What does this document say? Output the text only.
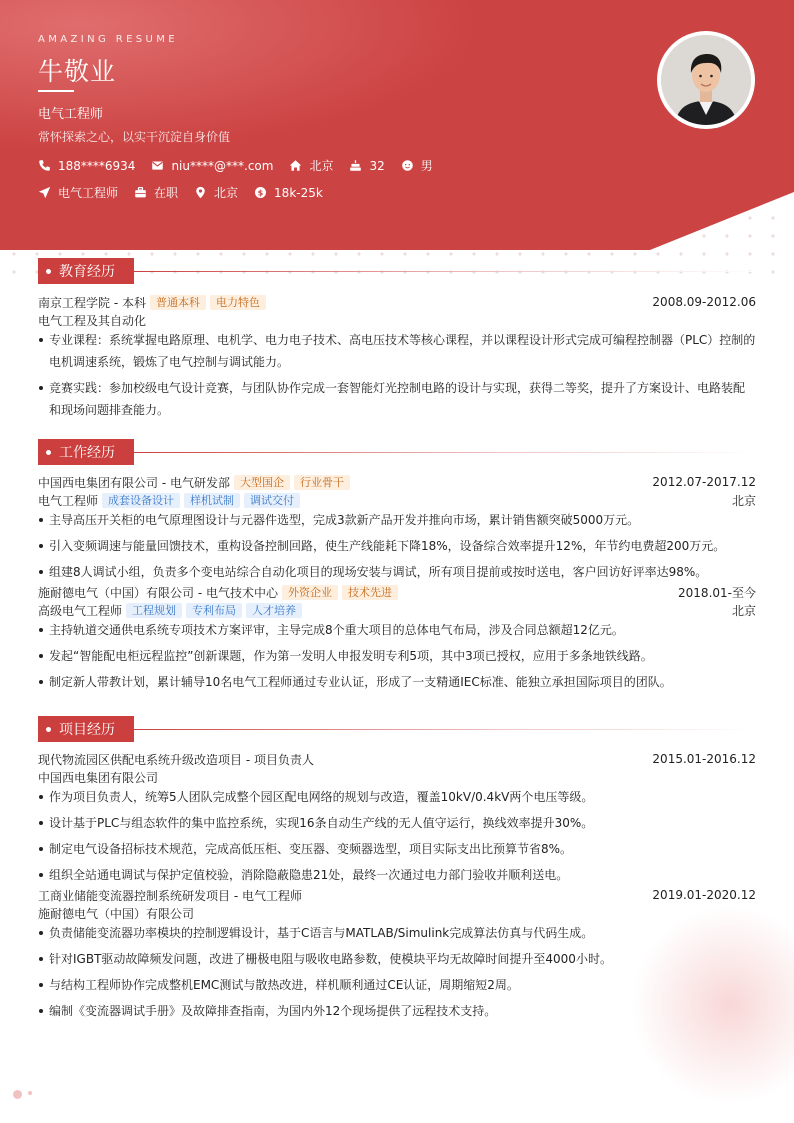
AMAZING RESUME
牛敬业
电气工程师
常怀探索之心，以实干沉淀自身价值
188****6934	niu****@***.com	北京	32	男
电气工程师	在职	北京 $ 18k-25k
教育经历
南京工程学院 - 本科 普通本科	电力特色	2008.09-2012.06
电气工程及其自动化
专业课程：系统掌握电路原理、电机学、电力电子技术、高电压技术等核心课程，并以课程设计形式完成可编程控制器（PLC）控制的电机调速系统，锻炼了电气控制与调试能力。
竞赛实践：参加校级电气设计竞赛，与团队协作完成一套智能灯光控制电路的设计与实现，获得二等奖，提升了方案设计、电路装配和现场问题排查能力。
工作经历
中国西电集团有限公司 - 电气研发部 大型国企	行业骨干	2012.07-2017.12
电气工程师 成套设备设计	样机试制	调试交付	北京
主导高压开关柜的电气原理图设计与元器件选型，完成3款新产品开发并推向市场，累计销售额突破5000万元。
引入变频调速与能量回馈技术，重构设备控制回路，使生产线能耗下降18%，设备综合效率提升12%，年节约电费超200万元。
组建8人调试小组，负责多个变电站综合自动化项目的现场安装与调试，所有项目提前或按时送电，客户回访好评率达98%。
施耐德电气（中国）有限公司 - 电气技术中心 外资企业	技术先进	2018.01-至今
高级电气工程师 工程规划	专利布局	人才培养	北京
主持轨道交通供电系统专项技术方案评审，主导完成8个重大项目的总体电气布局，涉及合同总额超12亿元。
发起“智能配电柜远程监控”创新课题，作为第一发明人申报发明专利5项，其中3项已授权，应用于多条地铁线路。
制定新人带教计划，累计辅导10名电气工程师通过专业认证，形成了一支精通IEC标准、能独立承担国际项目的团队。
项目经历
现代物流园区供配电系统升级改造项目 - 项目负责人	2015.01-2016.12
中国西电集团有限公司
作为项目负责人，统筹5人团队完成整个园区配电网络的规划与改造，覆盖10kV/0.4kV两个电压等级。
设计基于PLC与组态软件的集中监控系统，实现16条自动生产线的无人值守运行，换线效率提升30%。
制定电气设备招标技术规范，完成高低压柜、变压器、变频器选型，项目实际支出比预算节省8%。
组织全站通电调试与保护定值校验，消除隐蔽隐患21处，最终一次通过电力部门验收并顺利送电。
工商业储能变流器控制系统研发项目 - 电气工程师	2019.01-2020.12
施耐德电气（中国）有限公司
负责储能变流器功率模块的控制逻辑设计，基于C语言与MATLAB/Simulink完成算法仿真与代码生成。
针对IGBT驱动故障频发问题，改进了栅极电阻与吸收电路参数，使模块平均无故障时间提升至4000小时。
与结构工程师协作完成整机EMC测试与散热改进，样机顺利通过CE认证，周期缩短2周。
编制《变流器调试手册》及故障排查指南，为国内外12个现场提供了远程技术支持。
